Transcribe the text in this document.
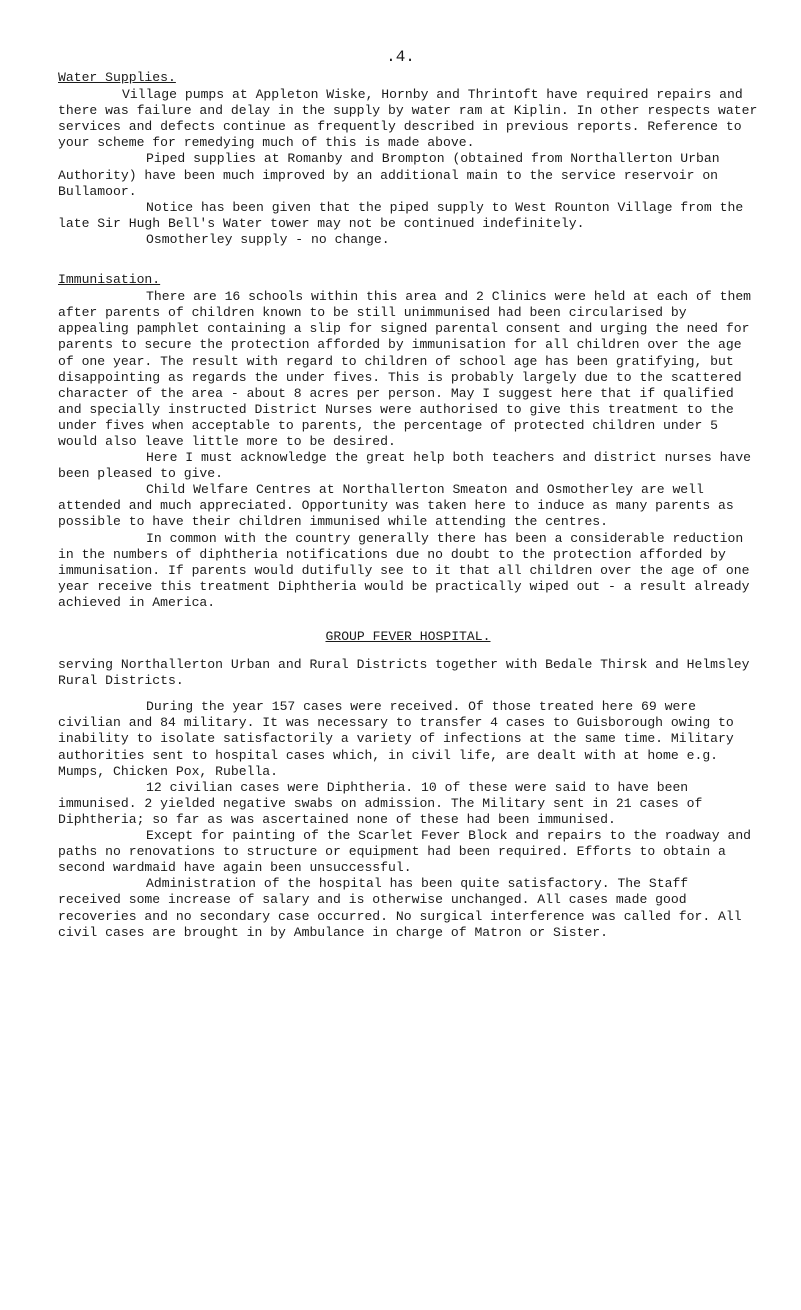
.4.
Water Supplies.

Village pumps at Appleton Wiske, Hornby and Thrintoft have required repairs and there was failure and delay in the supply by water ram at Kiplin. In other respects water services and defects continue as frequently described in previous reports. Reference to your scheme for remedying much of this is made above.

Piped supplies at Romanby and Brompton (obtained from Northallerton Urban Authority) have been much improved by an additional main to the service reservoir on Bullamoor.

Notice has been given that the piped supply to West Rounton Village from the late Sir Hugh Bell's Water tower may not be continued indefinitely.

Osmotherley supply - no change.

Immunisation.

There are 16 schools within this area and 2 Clinics were held at each of them after parents of children known to be still unimmunised had been circularised by appealing pamphlet containing a slip for signed parental consent and urging the need for parents to secure the protection afforded by immunisation for all children over the age of one year. The result with regard to children of school age has been gratifying, but disappointing as regards the under fives. This is probably largely due to the scattered character of the area - about 8 acres per person. May I suggest here that if qualified and specially instructed District Nurses were authorised to give this treatment to the under fives when acceptable to parents, the percentage of protected children under 5 would also leave little more to be desired.

Here I must acknowledge the great help both teachers and district nurses have been pleased to give.

Child Welfare Centres at Northallerton Smeaton and Osmotherley are well attended and much appreciated. Opportunity was taken here to induce as many parents as possible to have their children immunised while attending the centres.

In common with the country generally there has been a considerable reduction in the numbers of diphtheria notifications due no doubt to the protection afforded by immunisation. If parents would dutifully see to it that all children over the age of one year receive this treatment Diphtheria would be practically wiped out - a result already achieved in America.

GROUP FEVER HOSPITAL.

serving Northallerton Urban and Rural Districts together with Bedale Thirsk and Helmsley Rural Districts.

During the year 157 cases were received. Of those treated here 69 were civilian and 84 military. It was necessary to transfer 4 cases to Guisborough owing to inability to isolate satisfactorily a variety of infections at the same time. Military authorities sent to hospital cases which, in civil life, are dealt with at home e.g. Mumps, Chicken Pox, Rubella.

12 civilian cases were Diphtheria. 10 of these were said to have been immunised. 2 yielded negative swabs on admission. The Military sent in 21 cases of Diphtheria; so far as was ascertained none of these had been immunised.

Except for painting of the Scarlet Fever Block and repairs to the roadway and paths no renovations to structure or equipment had been required. Efforts to obtain a second wardmaid have again been unsuccessful.

Administration of the hospital has been quite satisfactory. The Staff received some increase of salary and is otherwise unchanged. All cases made good recoveries and no secondary case occurred. No surgical interference was called for. All civil cases are brought in by Ambulance in charge of Matron or Sister.
